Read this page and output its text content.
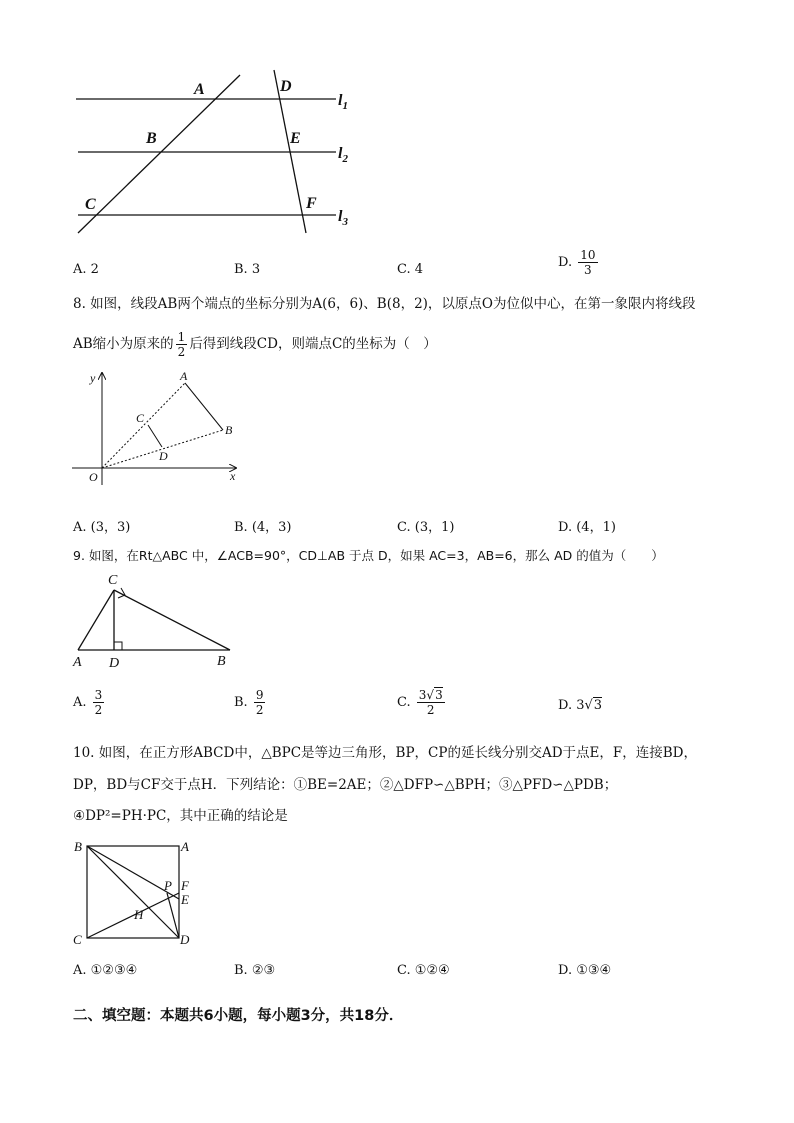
A	D
B	E
C	F
$l_1$
$l_2$
$l_3$
A. 2	B. 3	C. 4	D. $\frac{10}{3}$
8. 如图，线段AB两个端点的坐标分别为A(6，6)、B(8，2)，以原点O为位似中心，在第一象限内将线段
AB缩小为原来的 $\frac{1}{2}$ 后得到线段CD，则端点C的坐标为（　）
y
x
O
A
B
C
D
A. (3，3)	B. (4，3)	C. (3，1)	D. (4，1)
9. 如图，在Rt△ABC 中，∠ACB=90°，CD⊥AB 于点 D，如果 AC=3，AB=6，那么 AD 的值为（　　）
C
A D	B
A. $\frac{3}{2}$	B. $\frac{9}{2}$	C. $\frac{3√3}{2}$	D. 3√3
10. 如图，在正方形ABCD中，△BPC是等边三角形，BP，CP的延长线分别交AD于点E，F，连接BD，
DP，BD与CF交于点H．下列结论：①BE=2AE；②△DFP∽△BPH；③△PFD∽△PDB；
④DP²=PH·PC，其中正确的结论是
B	A
C	D
P F
E
H
A. ①②③④	B. ②③	C. ①②④	D. ①③④
二、填空题：本题共6小题，每小题3分，共18分．
